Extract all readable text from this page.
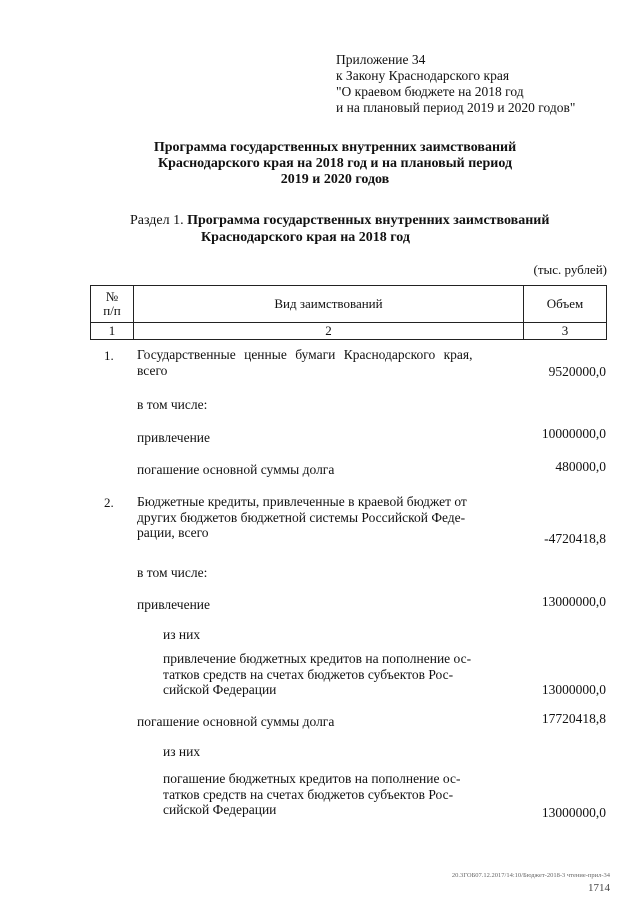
Приложение 34
к Закону Краснодарского края
"О краевом бюджете на 2018 год
и на плановый период 2019 и 2020 годов"
Программа государственных внутренних заимствований
Краснодарского края на 2018 год и на плановый период
2019 и 2020 годов
Раздел 1. Программа государственных внутренних заимствований
Краснодарского края на 2018 год
(тыс. рублей)
№
п/п	Вид заимствований	Объем
1	2	3
1. Государственные ценные бумаги Краснодарского края,
всего	9520000,0
в том числе:
привлечение	10000000,0
погашение основной суммы долга	480000,0
2. Бюджетные кредиты, привлеченные в краевой бюджет от
других бюджетов бюджетной системы Российской Феде-
рации, всего	-4720418,8
в том числе:
привлечение	13000000,0
из них
привлечение бюджетных кредитов на пополнение ос-
татков средств на счетах бюджетов субъектов Рос-
сийской Федерации	13000000,0
погашение основной суммы долга	17720418,8
из них
погашение бюджетных кредитов на пополнение ос-
татков средств на счетах бюджетов субъектов Рос-
сийской Федерации	13000000,0
20.3ГОБ07.12.2017/14:10/Бюджет-2018-3 чтение-прил-34
1714
